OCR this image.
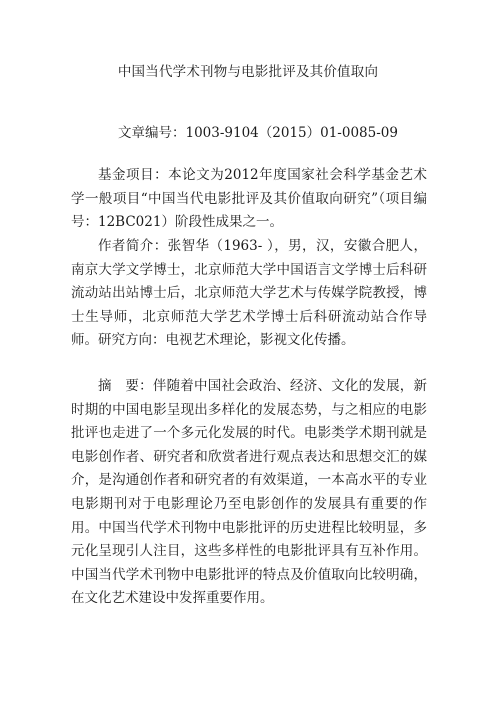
中国当代学术刊物与电影批评及其价值取向
文章编号：1003-9104（2015）01-0085-09

基金项目：本论文为2012年度国家社会科学基金艺术学一般项目“中国当代电影批评及其价值取向研究”（项目编号：12BC021）阶段性成果之一。

作者简介：张智华（1963- ），男，汉，安徽合肥人，南京大学文学博士，北京师范大学中国语言文学博士后科研流动站出站博士后，北京师范大学艺术与传媒学院教授，博士生导师，北京师范大学艺术学博士后科研流动站合作导师。研究方向：电视艺术理论，影视文化传播。

摘　要：伴随着中国社会政治、经济、文化的发展，新时期的中国电影呈现出多样化的发展态势，与之相应的电影批评也走进了一个多元化发展的时代。电影类学术期刊就是电影创作者、研究者和欣赏者进行观点表达和思想交汇的媒介，是沟通创作者和研究者的有效渠道，一本高水平的专业电影期刊对于电影理论乃至电影创作的发展具有重要的作用。中国当代学术刊物中电影批评的历史进程比较明显，多元化呈现引人注目，这些多样性的电影批评具有互补作用。中国当代学术刊物中电影批评的特点及价值取向比较明确，在文化艺术建设中发挥重要作用。
